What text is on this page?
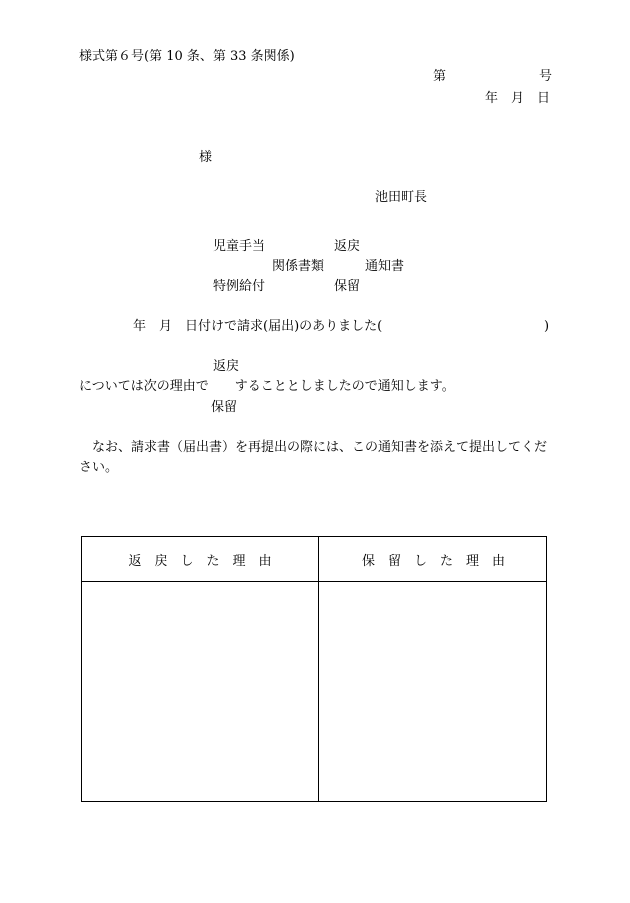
様式第６号(第 10 条、第 33 条関係)
第	号
年 月 日
様
池田町長
児童手当	返戻
関係書類	通知書
特例給付	保留
年　月　日付けで請求(届出)のありました(	)
返戻
については次の理由で　　することとしましたので通知します。
保留

なお、請求書（届出書）を再提出の際には、この通知書を添えて提出してください。

返戻した理由	保留した理由
